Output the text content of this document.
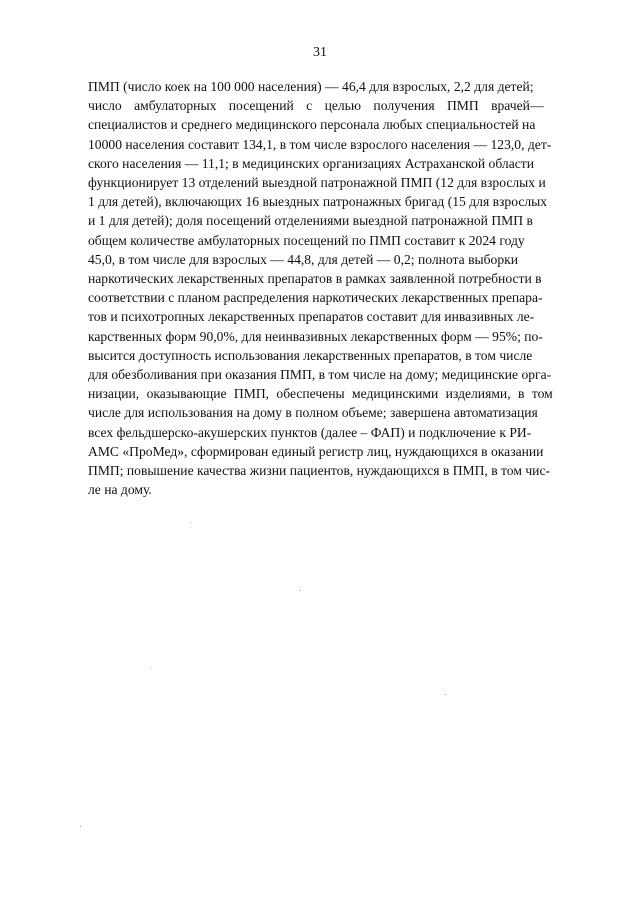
31
ПМП (число коек на 100 000 населения) — 46,4 для взрослых, 2,2 для детей;
число амбулаторных посещений с целью получения ПМП врачей—
специалистов и среднего медицинского персонала любых специальностей на
10000 населения составит 134,1, в том числе взрослого населения — 123,0, дет-
ского населения — 11,1; в медицинских организациях Астраханской области
функционирует 13 отделений выездной патронажной ПМП (12 для взрослых и
1 для детей), включающих 16 выездных патронажных бригад (15 для взрослых
и 1 для детей); доля посещений отделениями выездной патронажной ПМП в
общем количестве амбулаторных посещений по ПМП составит к 2024 году
45,0, в том числе для взрослых — 44,8, для детей — 0,2; полнота выборки
наркотических лекарственных препаратов в рамках заявленной потребности в
соответствии с планом распределения наркотических лекарственных препара-
тов и психотропных лекарственных препаратов составит для инвазивных ле-
карственных форм 90,0%, для неинвазивных лекарственных форм — 95%; по-
высится доступность использования лекарственных препаратов, в том числе
для обезболивания при оказания ПМП, в том числе на дому; медицинские орга-
низации, оказывающие ПМП, обеспечены медицинскими изделиями, в том
числе для использования на дому в полном объеме; завершена автоматизация
всех фельдшерско-акушерских пунктов (далее – ФАП) и подключение к РИ-
АМС «ПроМед», сформирован единый регистр лиц, нуждающихся в оказании
ПМП; повышение качества жизни пациентов, нуждающихся в ПМП, в том чис-
ле на дому.
